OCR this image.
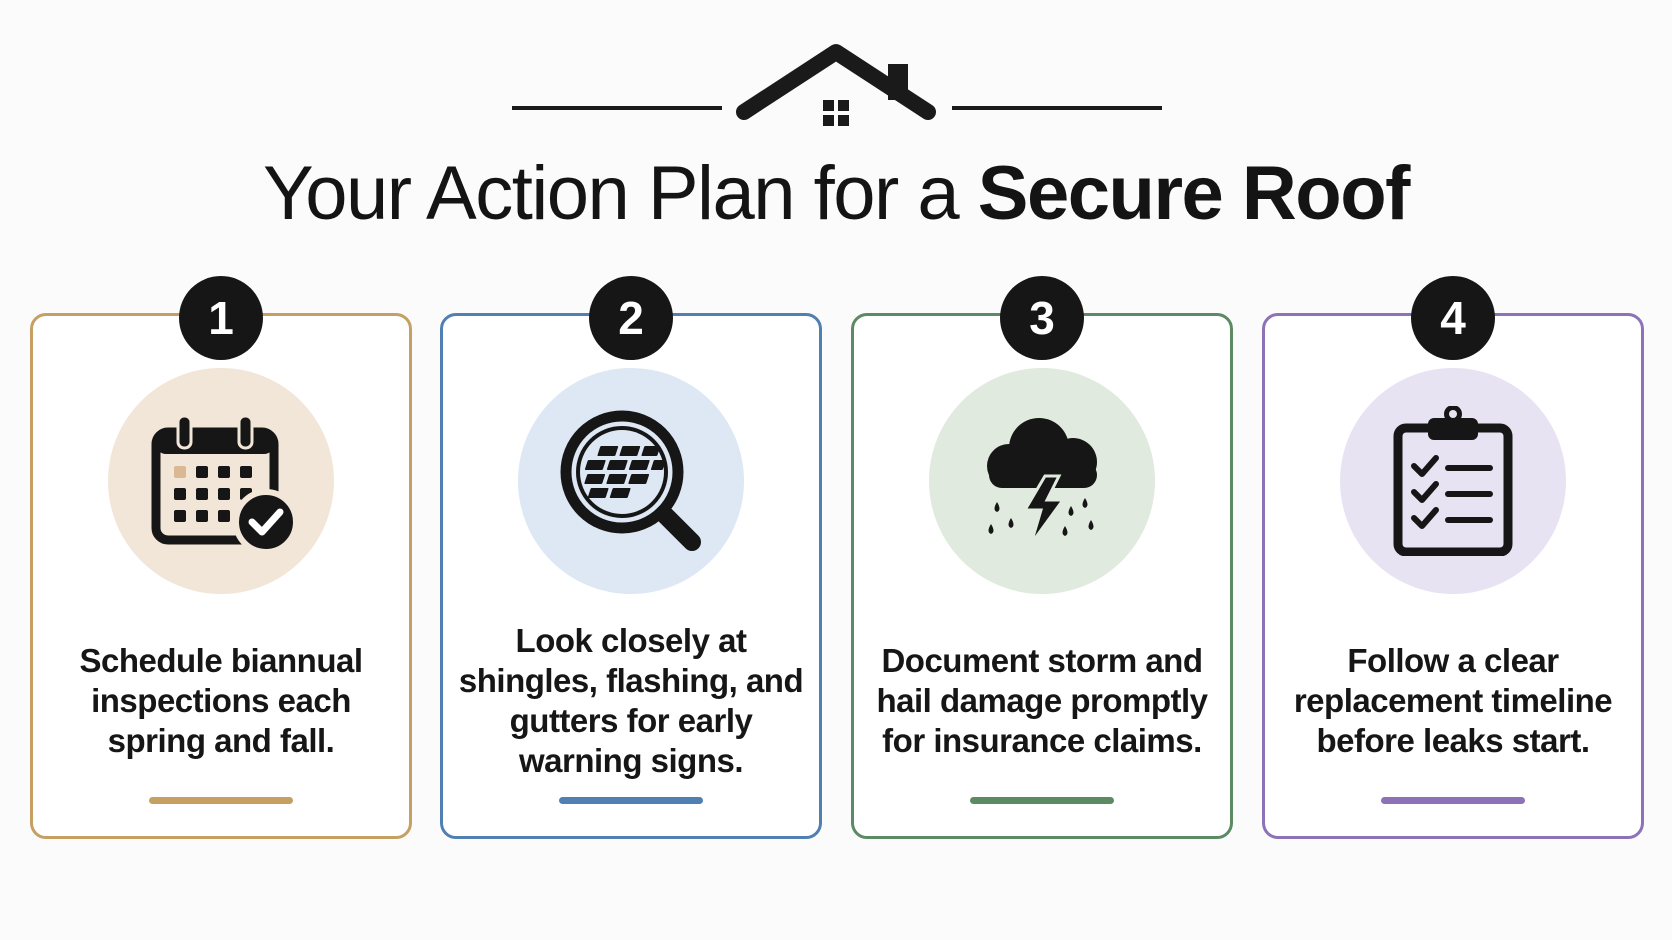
Your Action Plan for a Secure Roof
1
Schedule biannual inspections each spring and fall.
2
Look closely at shingles, flashing, and gutters for early warning signs.
3
Document storm and hail damage promptly for insurance claims.
4
Follow a clear replacement timeline before leaks start.
